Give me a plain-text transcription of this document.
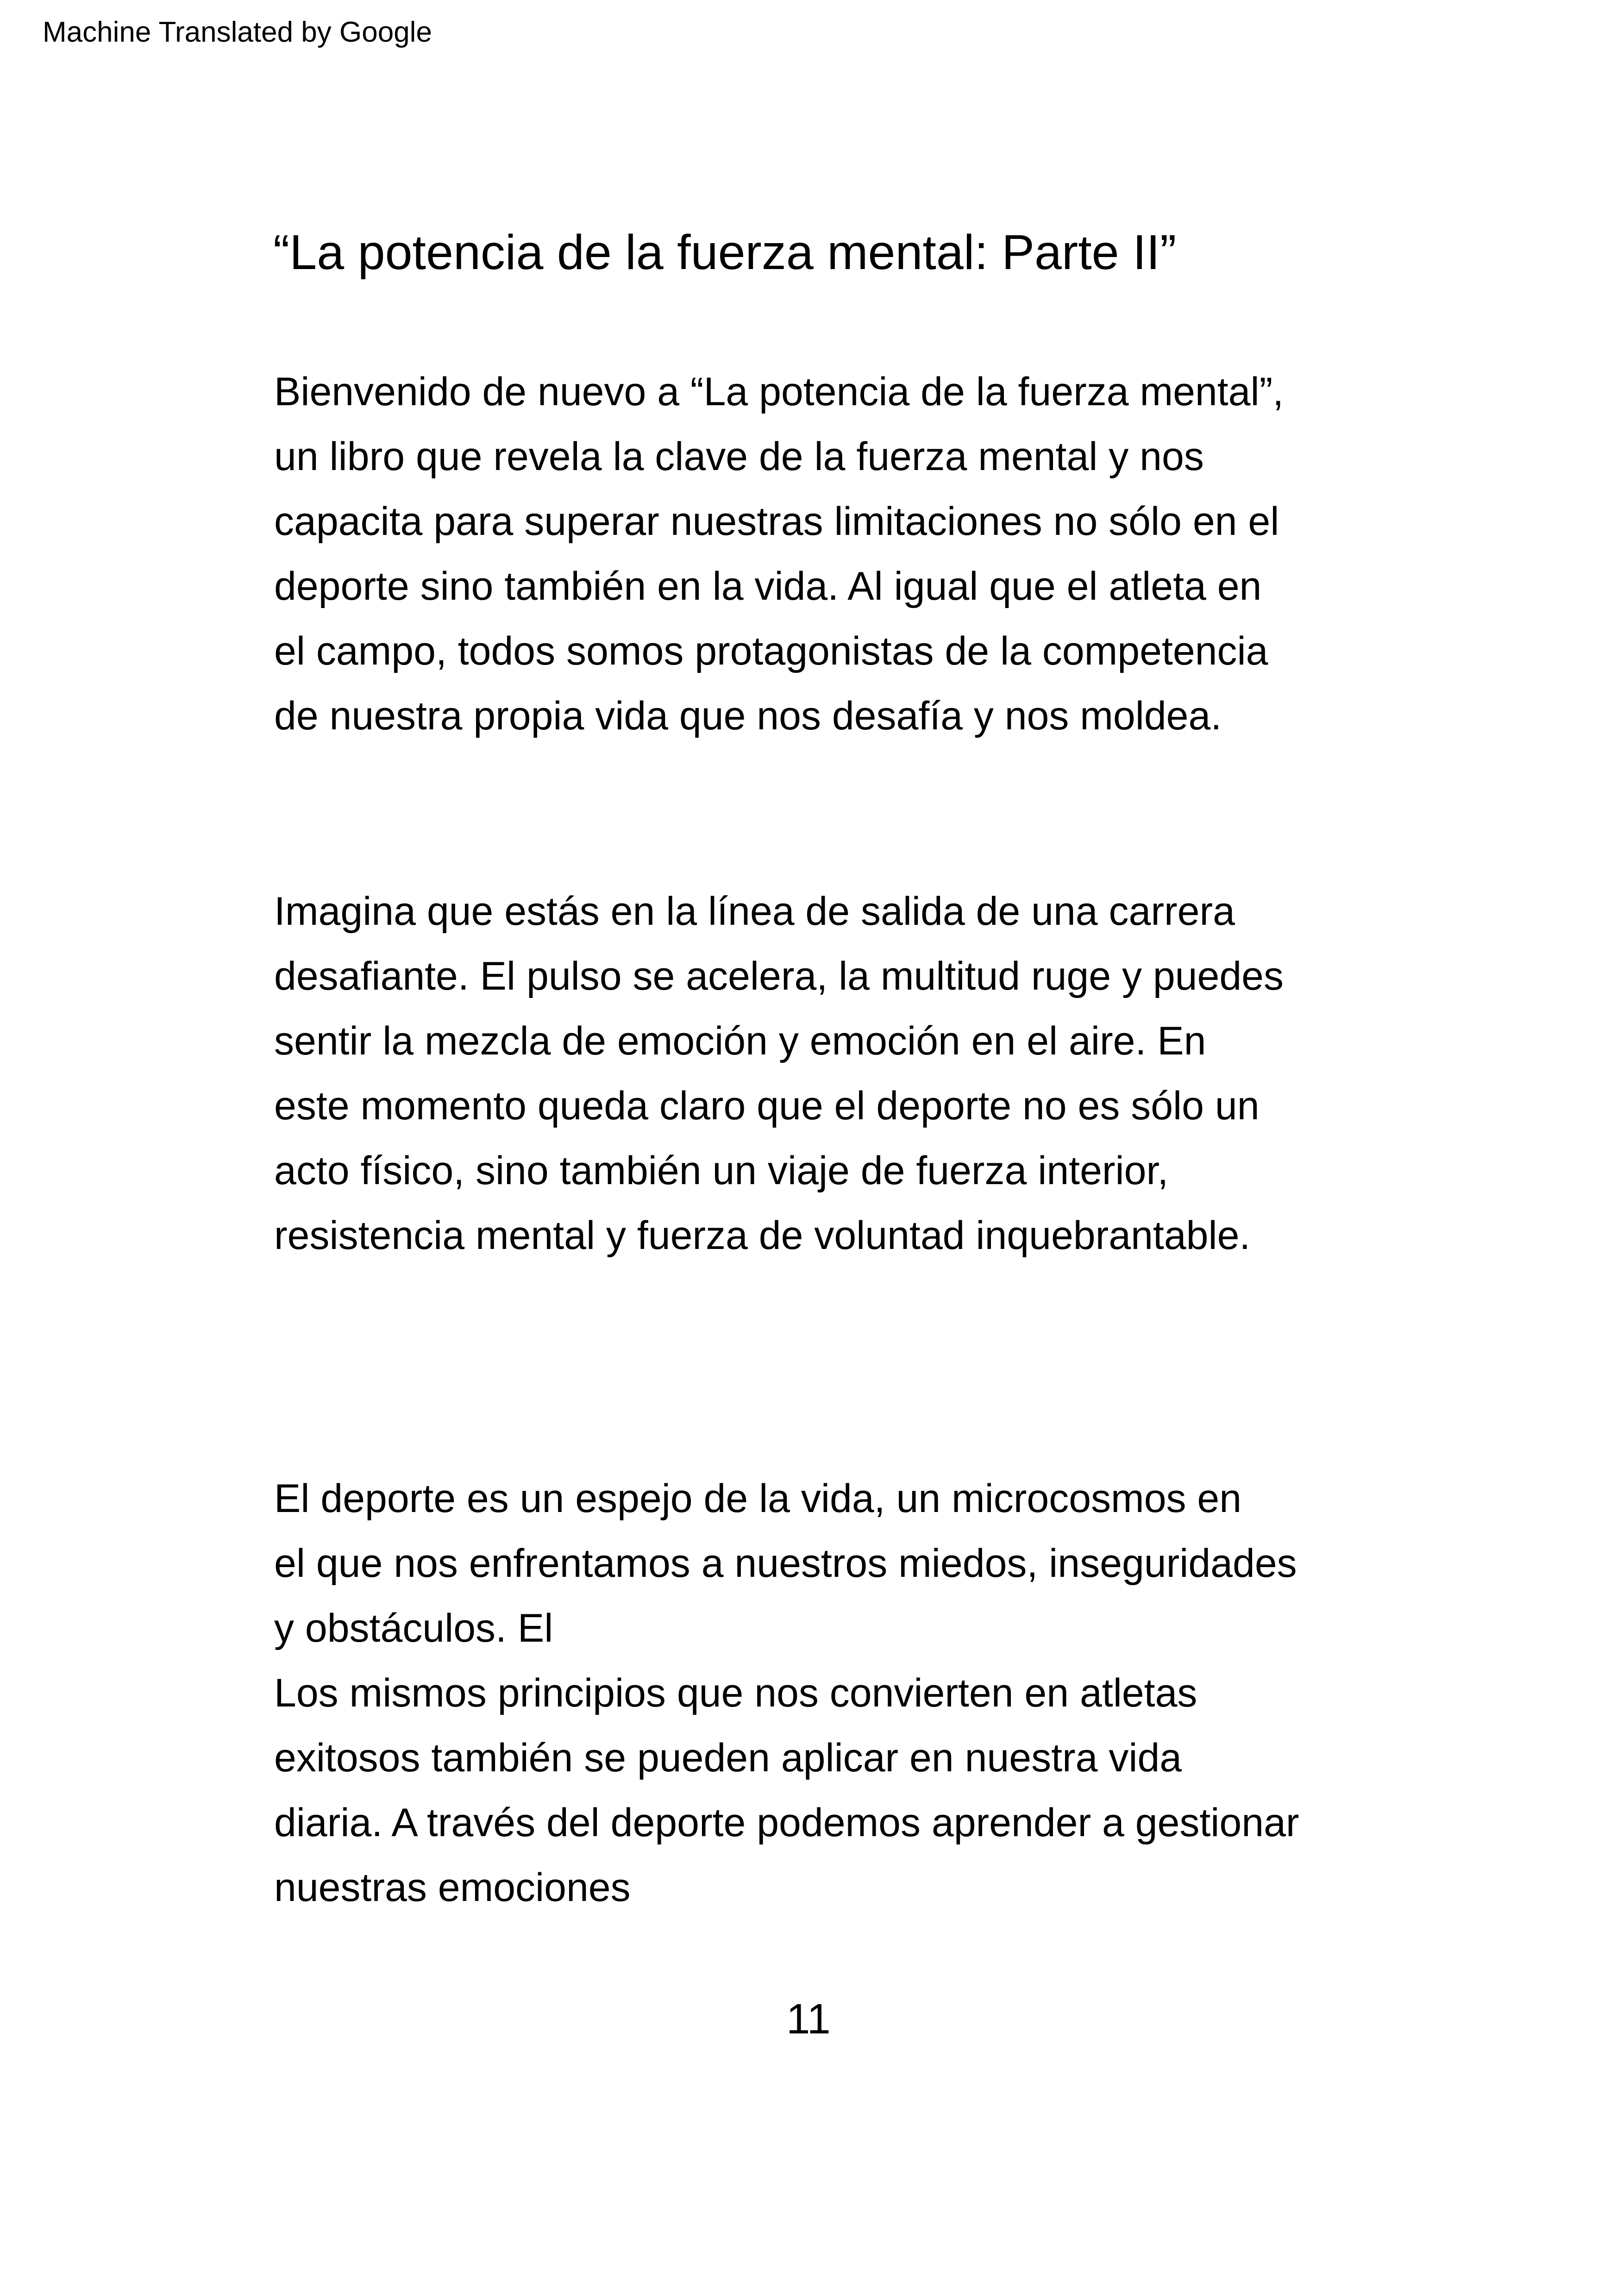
Machine Translated by Google
“La potencia de la fuerza mental: Parte II”
Bienvenido de nuevo a “La potencia de la fuerza mental”,
un libro que revela la clave de la fuerza mental y nos
capacita para superar nuestras limitaciones no sólo en el
deporte sino también en la vida. Al igual que el atleta en
el campo, todos somos protagonistas de la competencia
de nuestra propia vida que nos desafía y nos moldea.
Imagina que estás en la línea de salida de una carrera
desafiante. El pulso se acelera, la multitud ruge y puedes
sentir la mezcla de emoción y emoción en el aire. En
este momento queda claro que el deporte no es sólo un
acto físico, sino también un viaje de fuerza interior,
resistencia mental y fuerza de voluntad inquebrantable.
El deporte es un espejo de la vida, un microcosmos en
el que nos enfrentamos a nuestros miedos, inseguridades
y obstáculos. El
Los mismos principios que nos convierten en atletas
exitosos también se pueden aplicar en nuestra vida
diaria. A través del deporte podemos aprender a gestionar
nuestras emociones
11
